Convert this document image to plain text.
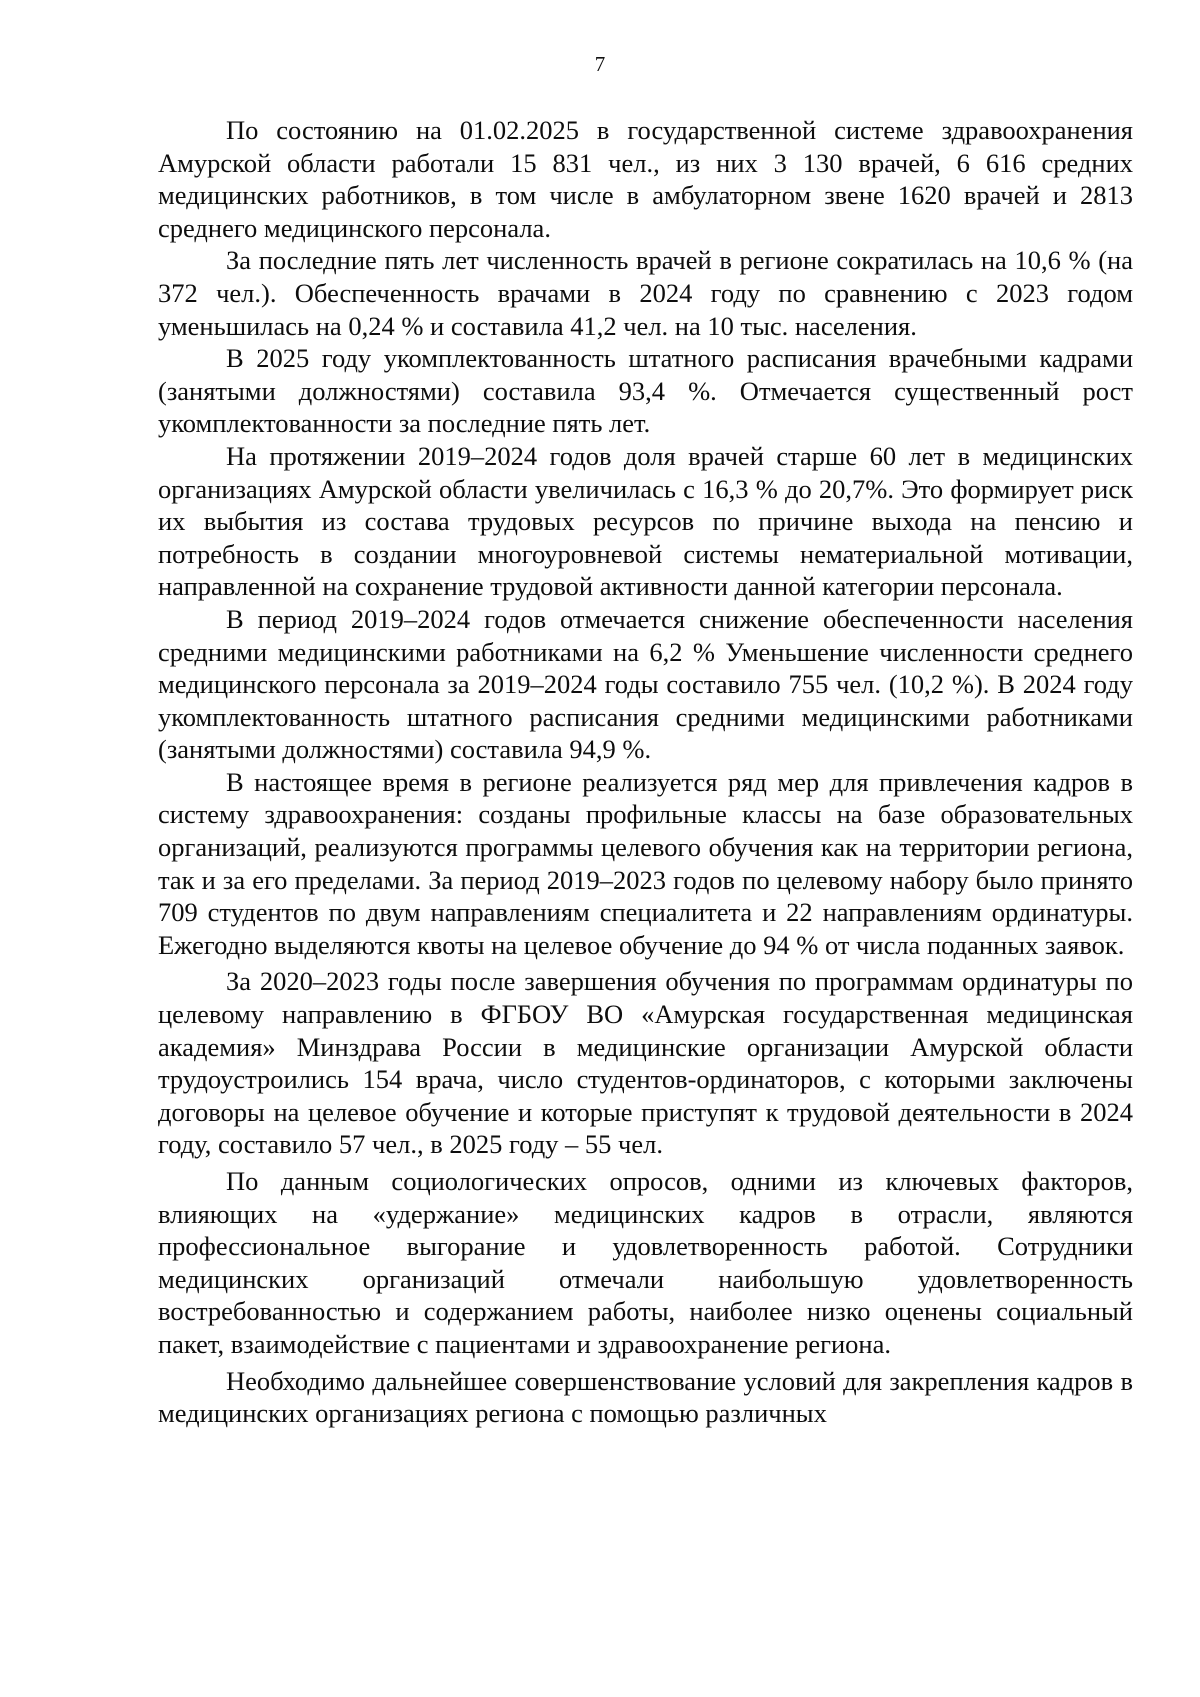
7

По состоянию на 01.02.2025 в государственной системе здравоохранения Амурской области работали 15 831 чел., из них 3 130 врачей, 6 616 средних медицинских работников, в том числе в амбулаторном звене 1620 врачей и 2813 среднего медицинского персонала.

За последние пять лет численность врачей в регионе сократилась на 10,6 % (на 372 чел.). Обеспеченность врачами в 2024 году по сравнению с 2023 годом уменьшилась на 0,24 % и составила 41,2 чел. на 10 тыс. населения.

В 2025 году укомплектованность штатного расписания врачебными кадрами (занятыми должностями) составила 93,4 %. Отмечается существенный рост укомплектованности за последние пять лет.

На протяжении 2019–2024 годов доля врачей старше 60 лет в медицинских организациях Амурской области увеличилась с 16,3 % до 20,7%. Это формирует риск их выбытия из состава трудовых ресурсов по причине выхода на пенсию и потребность в создании многоуровневой системы нематериальной мотивации, направленной на сохранение трудовой активности данной категории персонала.

В период 2019–2024 годов отмечается снижение обеспеченности населения средними медицинскими работниками на 6,2 % Уменьшение численности среднего медицинского персонала за 2019–2024 годы составило 755 чел. (10,2 %). В 2024 году укомплектованность штатного расписания средними медицинскими работниками (занятыми должностями) составила 94,9 %.

В настоящее время в регионе реализуется ряд мер для привлечения кадров в систему здравоохранения: созданы профильные классы на базе образовательных организаций, реализуются программы целевого обучения как на территории региона, так и за его пределами. За период 2019–2023 годов по целевому набору было принято 709 студентов по двум направлениям специалитета и 22 направлениям ординатуры. Ежегодно выделяются квоты на целевое обучение до 94 % от числа поданных заявок.

За 2020–2023 годы после завершения обучения по программам ординатуры по целевому направлению в ФГБОУ ВО «Амурская государственная медицинская академия» Минздрава России в медицинские организации Амурской области трудоустроились 154 врача, число студентов-ординаторов, с которыми заключены договоры на целевое обучение и которые приступят к трудовой деятельности в 2024 году, составило 57 чел., в 2025 году – 55 чел.

По данным социологических опросов, одними из ключевых факторов, влияющих на «удержание» медицинских кадров в отрасли, являются профессиональное выгорание и удовлетворенность работой. Сотрудники медицинских организаций отмечали наибольшую удовлетворенность востребованностью и содержанием работы, наиболее низко оценены социальный пакет, взаимодействие с пациентами и здравоохранение региона.

Необходимо дальнейшее совершенствование условий для закрепления кадров в медицинских организациях региона с помощью различных
